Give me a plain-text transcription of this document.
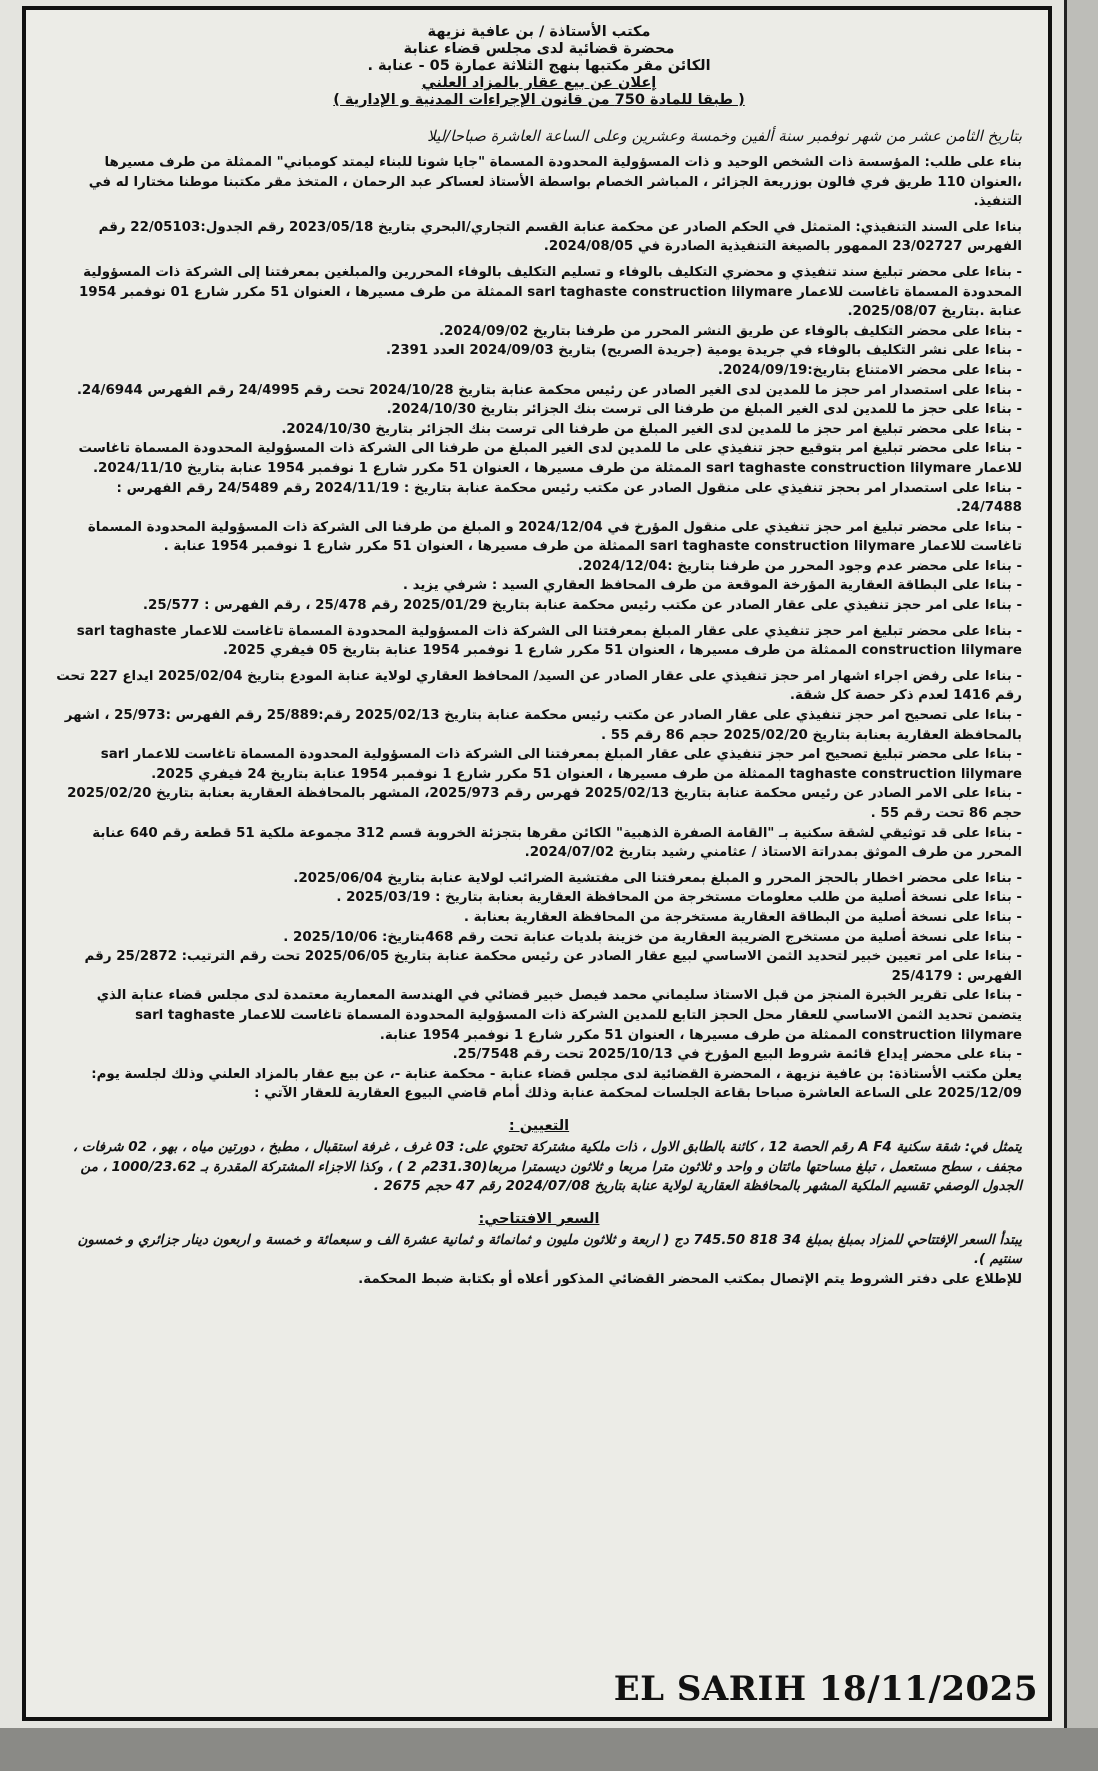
مكتب الأستاذة / بن عافية نزيهة
محضرة قضائية لدى مجلس قضاء عنابة
الكائن مقر مكتبها بنهج الثلاثة عمارة 05 - عنابة .
إعلان عن بيع عقار بالمزاد العلني
( طبقا للمادة 750 من قانون الإجراءات المدنية و الإدارية )
بتاريخ الثامن عشر من شهر نوفمبر سنة ألفين وخمسة وعشرين وعلى الساعة العاشرة صباحا/ليلا

بناء على طلب: المؤسسة ذات الشخص الوحيد و ذات المسؤولية المحدودة المسماة "جايا شونا للبناء ليمتد كومباني" الممثلة من طرف مسيرها ،العنوان 110 طريق فري فالون بوزريعة الجزائر ، المباشر الخصام بواسطة الأستاذ لعساكر عبد الرحمان ، المتخذ مقر مكتبنا موطنا مختارا له في التنفيذ.

بناءا على السند التنفيذي: المتمثل في الحكم الصادر عن محكمة عنابة القسم التجاري/البحري بتاريخ 2023/05/18 رقم الجدول:22/05103 رقم الفهرس 23/02727 الممهور بالصيغة التنفيذية الصادرة في 2024/08/05.

- بناءا على محضر تبليغ سند تنفيذي و محضري التكليف بالوفاء و تسليم التكليف بالوفاء المحررين والمبلغين بمعرفتنا إلى الشركة ذات المسؤولية المحدودة المسماة تاغاست للاعمار sarl taghaste construction lilymare الممثلة من طرف مسيرها ، العنوان 51 مكرر شارع 01 نوفمبر 1954 عنابة .بتاريخ 2025/08/07.

- بناءا على محضر التكليف بالوفاء عن طريق النشر المحرر من طرفنا بتاريخ 2024/09/02.

- بناءا على نشر التكليف بالوفاء في جريدة يومية (جريدة الصريح) بتاريخ 2024/09/03 العدد 2391.

- بناءا على محضر الامتناع بتاريخ:2024/09/19.

- بناءا على استصدار امر حجز ما للمدين لدى الغير الصادر عن رئيس محكمة عنابة بتاريخ 2024/10/28 تحت رقم 24/4995 رقم الفهرس 24/6944.

- بناءا على حجز ما للمدين لدى الغير المبلغ من طرفنا الى ترست بنك الجزائر بتاريخ 2024/10/30.

- بناءا على محضر تبليغ امر حجز ما للمدين لدى الغير المبلغ من طرفنا الى ترست بنك الجزائر بتاريخ 2024/10/30.

- بناءا على محضر تبليغ امر بتوقيع حجز تنفيذي على ما للمدين لدى الغير المبلغ من طرفنا الى الشركة ذات المسؤولية المحدودة المسماة تاغاست للاعمار sarl taghaste construction lilymare الممثلة من طرف مسيرها ، العنوان 51 مكرر شارع 1 نوفمبر 1954 عنابة بتاريخ 2024/11/10.

- بناءا على استصدار امر بحجز تنفيذي على منقول الصادر عن مكتب رئيس محكمة عنابة بتاريخ : 2024/11/19 رقم 24/5489 رقم الفهرس : 24/7488.

- بناءا على محضر تبليغ امر حجز تنفيذي على منقول المؤرخ في 2024/12/04 و المبلغ من طرفنا الى الشركة ذات المسؤولية المحدودة المسماة تاغاست للاعمار sarl taghaste construction lilymare الممثلة من طرف مسيرها ، العنوان 51 مكرر شارع 1 نوفمبر 1954 عنابة .

- بناءا على محضر عدم وجود المحرر من طرفنا بتاريخ :2024/12/04.

- بناءا على البطاقة العقارية المؤرخة الموقعة من طرف المحافظ العقاري السيد : شرفي يزيد .

- بناءا على امر حجز تنفيذي على عقار الصادر عن مكتب رئيس محكمة عنابة بتاريخ 2025/01/29 رقم 25/478 ، رقم الفهرس : 25/577.

- بناءا على محضر تبليغ امر حجز تنفيذي على عقار المبلغ بمعرفتنا الى الشركة ذات المسؤولية المحدودة المسماة تاغاست للاعمار sarl taghaste construction lilymare الممثلة من طرف مسيرها ، العنوان 51 مكرر شارع 1 نوفمبر 1954 عنابة بتاريخ 05 فيفري 2025.

- بناءا على رفض اجراء اشهار امر حجز تنفيذي على عقار الصادر عن السيد/ المحافظ العقاري لولاية عنابة المودع بتاريخ 2025/02/04 ايداع 227 تحت رقم 1416 لعدم ذكر حصة كل شقة.

- بناءا على تصحيح امر حجز تنفيذي على عقار الصادر عن مكتب رئيس محكمة عنابة بتاريخ 2025/02/13 رقم:25/889 رقم الفهرس :25/973 ، اشهر بالمحافظة العقارية بعنابة بتاريخ 2025/02/20 حجم 86 رقم 55 .

- بناءا على محضر تبليغ تصحيح امر حجز تنفيذي على عقار المبلغ بمعرفتنا الى الشركة ذات المسؤولية المحدودة المسماة تاغاست للاعمار sarl taghaste construction lilymare الممثلة من طرف مسيرها ، العنوان 51 مكرر شارع 1 نوفمبر 1954 عنابة بتاريخ 24 فيفري 2025.

- بناءا على الامر الصادر عن رئيس محكمة عنابة بتاريخ 2025/02/13 فهرس رقم 2025/973، المشهر بالمحافظة العقارية بعنابة بتاريخ 2025/02/20 حجم 86 تحت رقم 55 .

- بناءا على قد توثيقي لشقة سكنية بـ "القامة الصفرة الذهبية" الكائن مقرها بتجزئة الخروبة قسم 312 مجموعة ملكية 51 قطعة رقم 640 عنابة المحرر من طرف الموثق بمدراتة الاستاذ / عثامني رشيد بتاريخ 2024/07/02.

- بناءا على محضر اخطار بالحجز المحرر و المبلغ بمعرفتنا الى مفتشية الضرائب لولاية عنابة بتاريخ 2025/06/04.

- بناءا على نسخة أصلية من طلب معلومات مستخرجة من المحافظة العقارية بعنابة بتاريخ : 2025/03/19 .

- بناءا على نسخة أصلية من البطاقة العقارية مستخرجة من المحافظة العقارية بعنابة .

- بناءا على نسخة أصلية من مستخرج الضريبة العقارية من خزينة بلديات عنابة تحت رقم 468بتاريخ: 2025/10/06 .

- بناءا على امر تعيين خبير لتحديد الثمن الاساسي لبيع عقار الصادر عن رئيس محكمة عنابة بتاريخ 2025/06/05 تحت رقم الترتيب: 25/2872 رقم الفهرس : 25/4179

- بناءا على تقرير الخبرة المنجز من قبل الاستاذ سليماني محمد فيصل خبير قضائي في الهندسة المعمارية معتمدة لدى مجلس قضاء عنابة الذي يتضمن تحديد الثمن الاساسي للعقار محل الحجز التابع للمدين الشركة ذات المسؤولية المحدودة المسماة تاغاست للاعمار sarl taghaste construction lilymare الممثلة من طرف مسيرها ، العنوان 51 مكرر شارع 1 نوفمبر 1954 عنابة.

- بناء على محضر إيداع قائمة شروط البيع المؤرخ في 2025/10/13 تحت رقم 25/7548.

يعلن مكتب الأستاذة: بن عافية نزيهة ، المحضرة القضائية لدى مجلس قضاء عنابة - محكمة عنابة -، عن بيع عقار بالمزاد العلني وذلك لجلسة يوم: 2025/12/09 على الساعة العاشرة صباحا بقاعة الجلسات لمحكمة عنابة وذلك أمام قاضي البيوع العقارية للعقار الآتي :

التعيين :

يتمثل في: شقة سكنية A F4 رقم الحصة 12 ، كائنة بالطابق الاول ، ذات ملكية مشتركة تحتوي على: 03 غرف ، غرفة استقبال ، مطبخ ، دورتين مياه ، بهو ، 02 شرفات ، مجفف ، سطح مستعمل ، تبلغ مساحتها مائتان و واحد و ثلاثون مترا مربعا و ثلاثون ديسمترا مربعا(231.30م 2 ) ، وكذا الاجزاء المشتركة المقدرة بـ 1000/23.62 ، من الجدول الوصفي تقسيم الملكية المشهر بالمحافظة العقارية لولاية عنابة بتاريخ 2024/07/08 رقم 47 حجم 2675 .

السعر الافتتاحي:

يبتدأ السعر الإفتتاحي للمزاد بمبلغ بمبلغ 34 818 745.50 دج ( اربعة و ثلاثون مليون و ثمانمائة و ثمانية عشرة الف و سبعمائة و خمسة و اربعون دينار جزائري و خمسون سنتيم ).

للإطلاع على دفتر الشروط يتم الإتصال بمكتب المحضر القضائي المذكور أعلاه أو بكتابة ضبط المحكمة.

EL SARIH 18/11/2025
